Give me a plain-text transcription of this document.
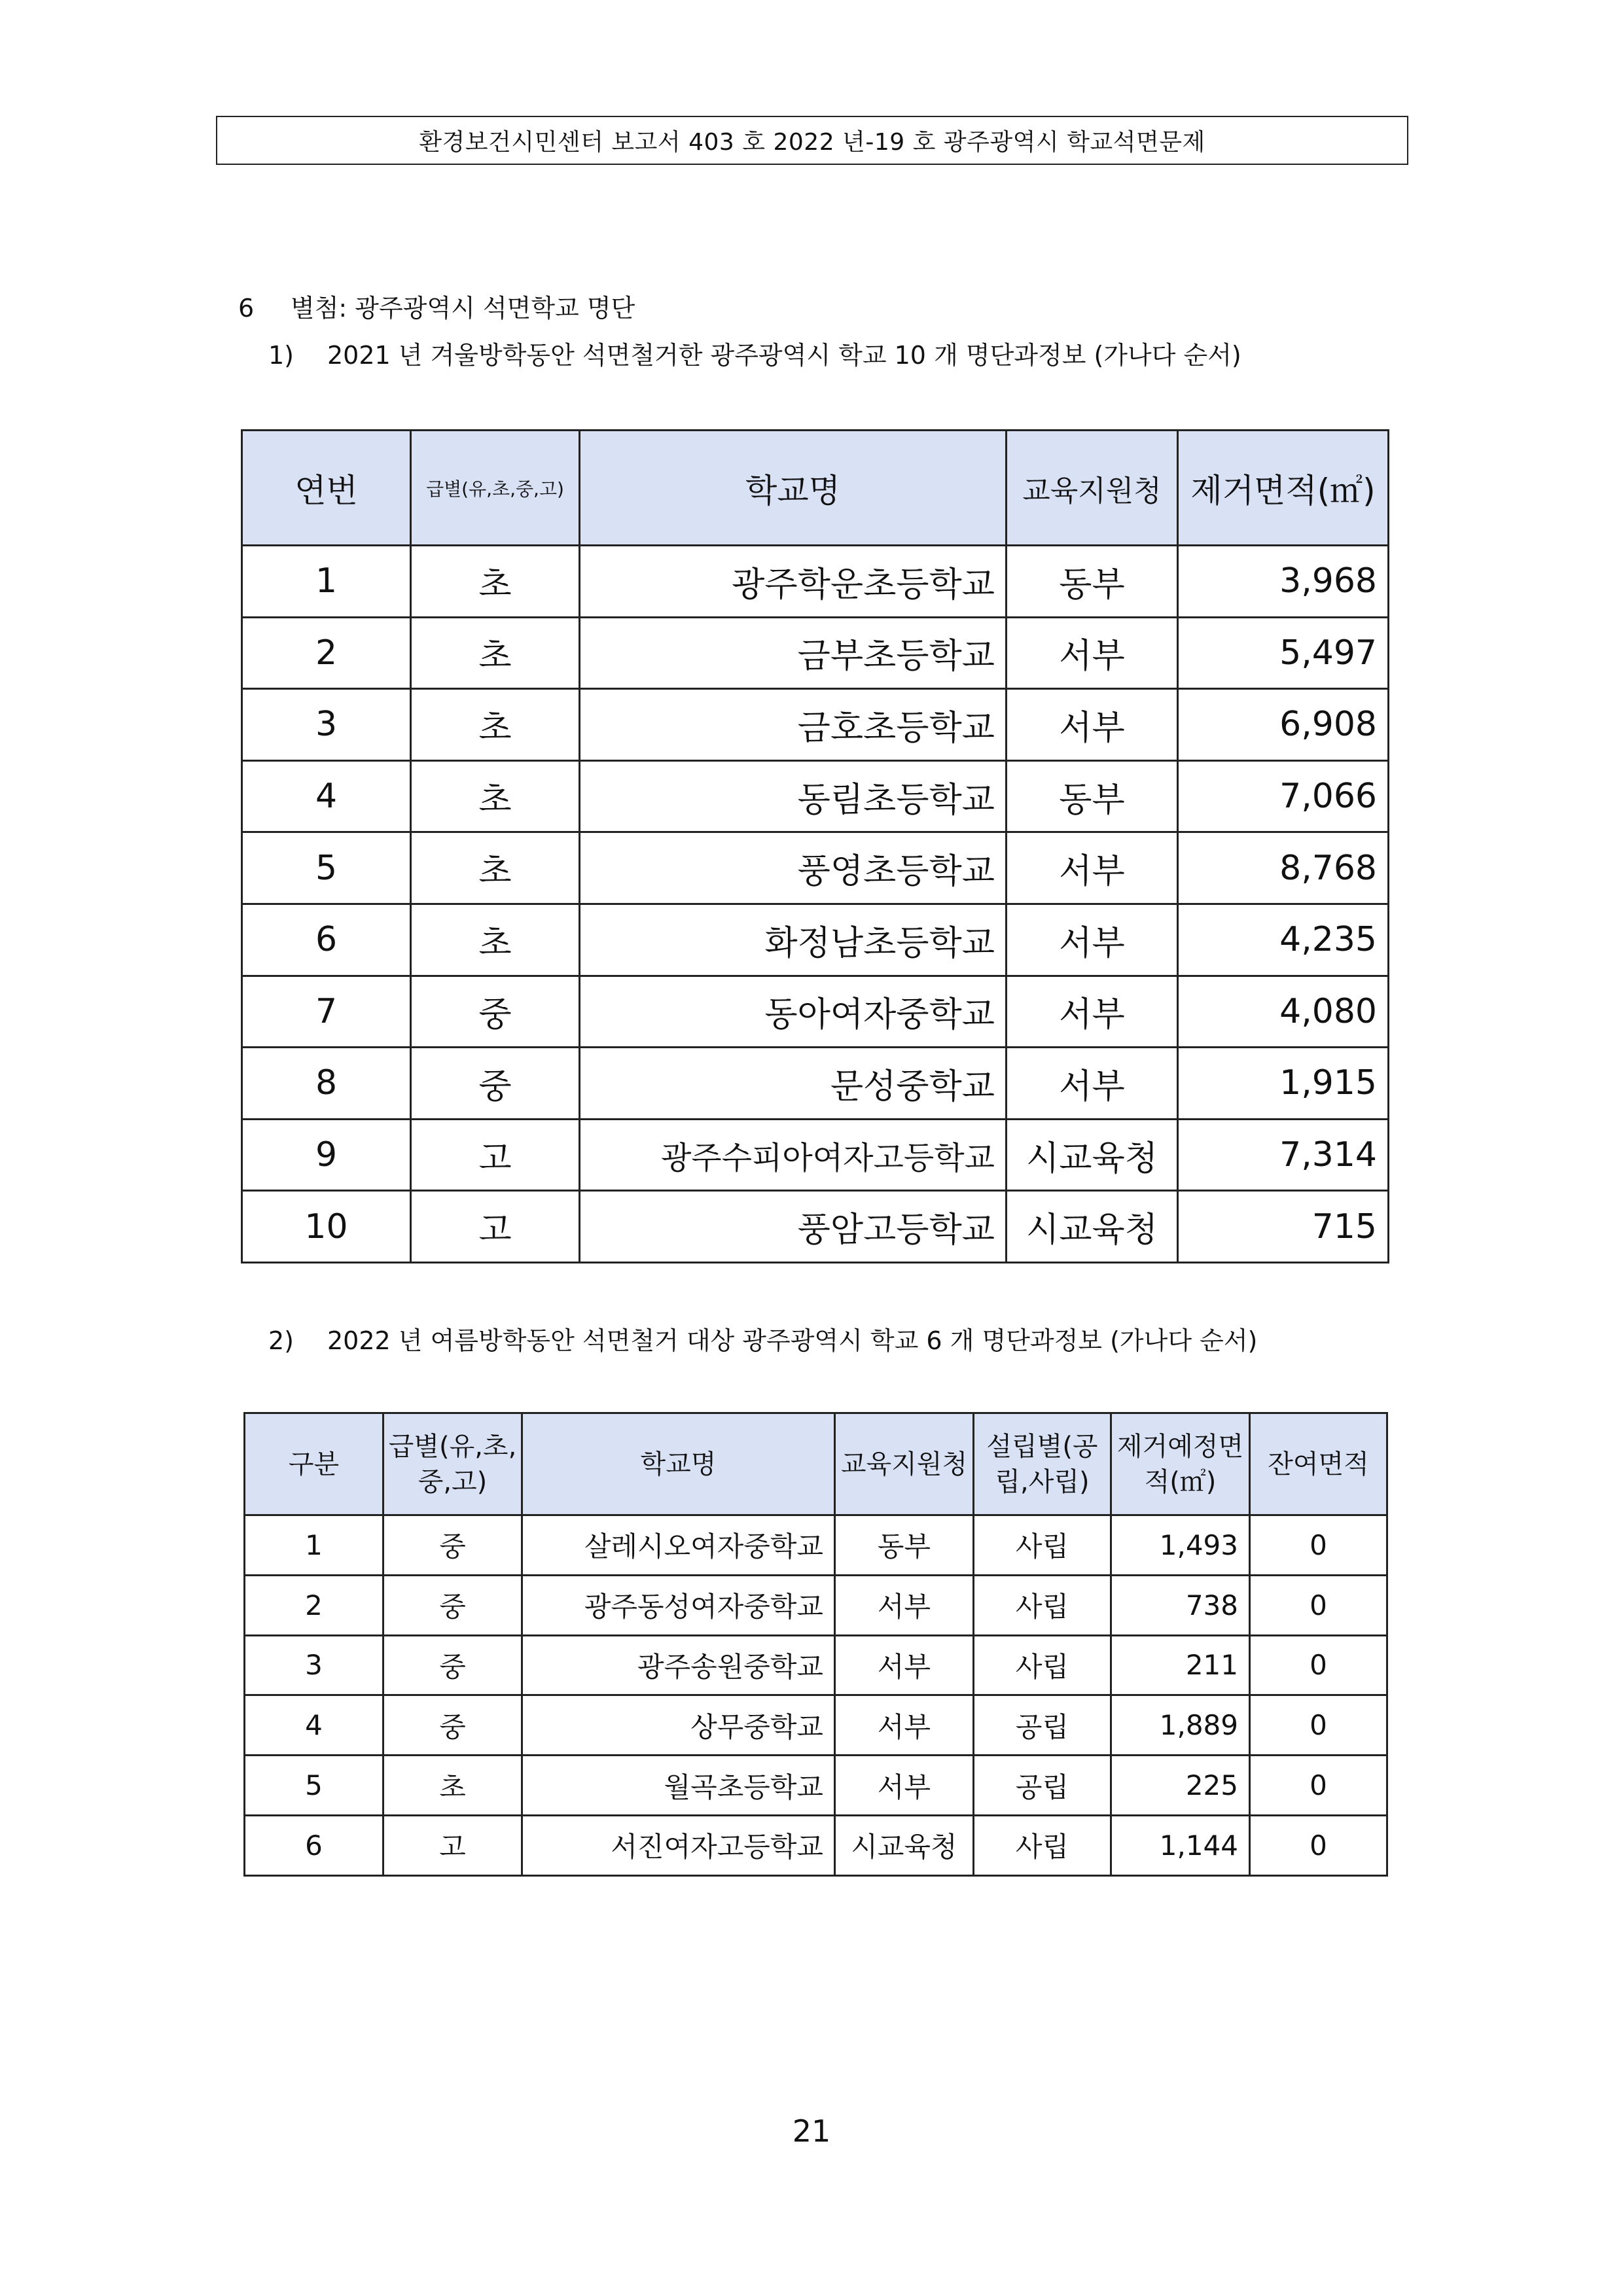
환경보건시민센터 보고서 403 호 2022 년-19 호 광주광역시 학교석면문제
6 별첨: 광주광역시 석면학교 명단
1) 2021 년 겨울방학동안 석면철거한 광주광역시 학교 10 개 명단과정보 (가나다 순서)
연번	급별(유,초,중,고)	학교명	교육지원청	제거면적(㎡)
1	초	광주학운초등학교	동부	3,968
2	초	금부초등학교	서부	5,497
3	초	금호초등학교	서부	6,908
4	초	동림초등학교	동부	7,066
5	초	풍영초등학교	서부	8,768
6	초	화정남초등학교	서부	4,235
7	중	동아여자중학교	서부	4,080
8	중	문성중학교	서부	1,915
9	고	광주수피아여자고등학교	시교육청	7,314
10	고	풍암고등학교	시교육청	715
2) 2022 년 여름방학동안 석면철거 대상 광주광역시 학교 6 개 명단과정보 (가나다 순서)
구분	급별(유,초,중,고)	학교명	교육지원청	설립별(공립,사립)	제거예정면적(㎡)	잔여면적
1	중	살레시오여자중학교	동부	사립	1,493	0
2	중	광주동성여자중학교	서부	사립	738	0
3	중	광주송원중학교	서부	사립	211	0
4	중	상무중학교	서부	공립	1,889	0
5	초	월곡초등학교	서부	공립	225	0
6	고	서진여자고등학교	시교육청	사립	1,144	0
21
